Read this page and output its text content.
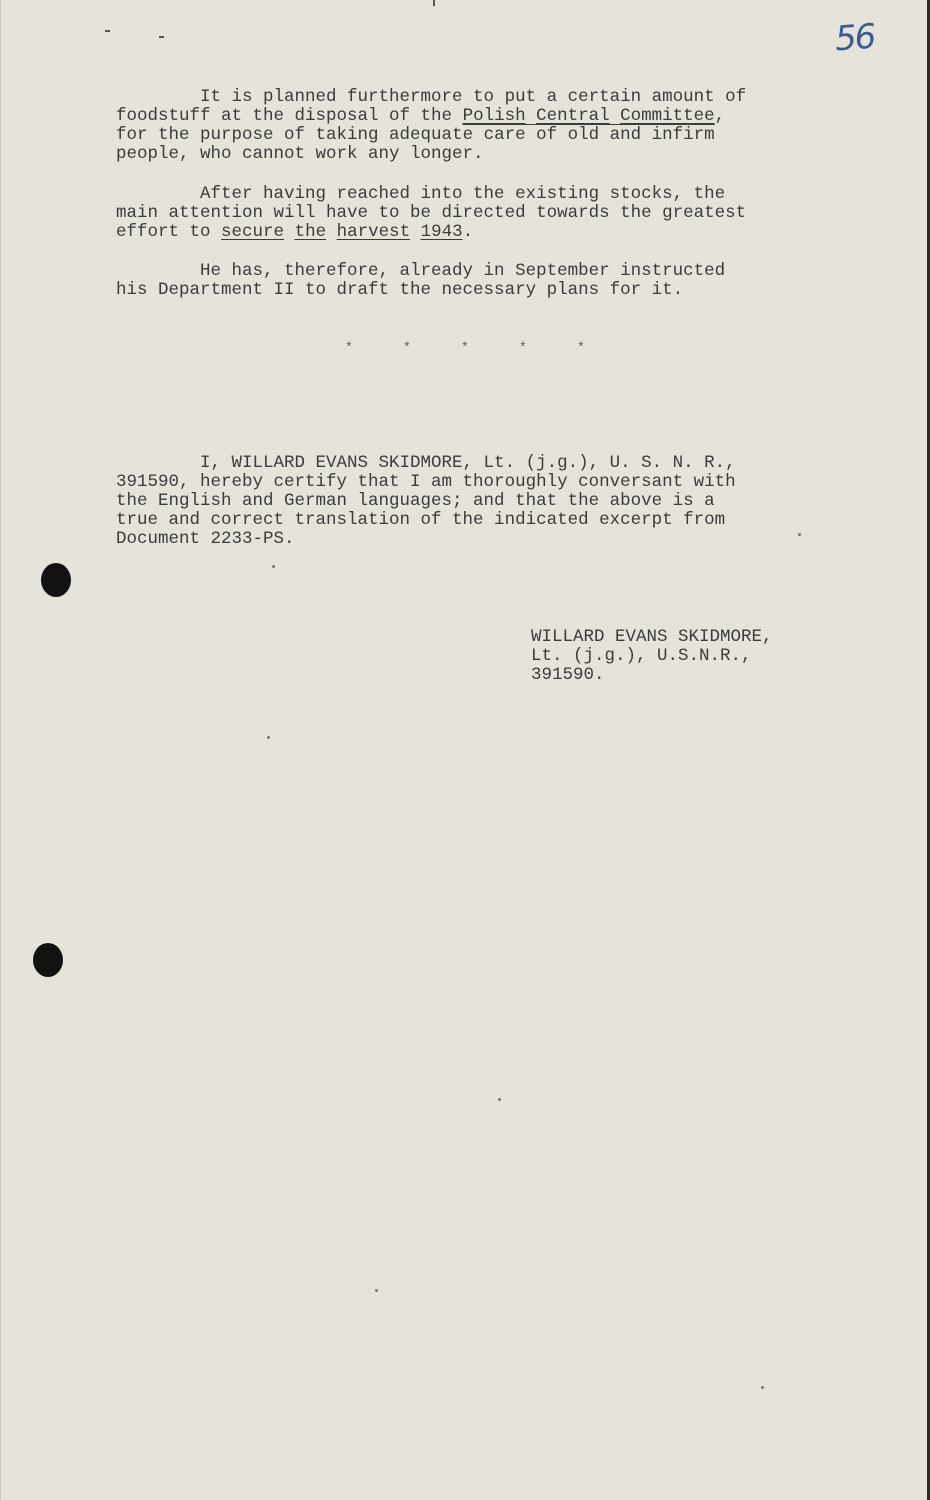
56
It is planned furthermore to put a certain amount of
foodstuff at the disposal of the Polish Central Committee,
for the purpose of taking adequate care of old and infirm
people, who cannot work any longer.
After having reached into the existing stocks, the
main attention will have to be directed towards the greatest
effort to secure the harvest 1943.
He has, therefore, already in September instructed
his Department II to draft the necessary plans for it.
*	*	*	*	*
I, WILLARD EVANS SKIDMORE, Lt. (j.g.), U. S. N. R.,
391590, hereby certify that I am thoroughly conversant with
the English and German languages; and that the above is a
true and correct translation of the indicated excerpt from
Document 2233-PS.
WILLARD EVANS SKIDMORE,
Lt. (j.g.), U.S.N.R.,
391590.
